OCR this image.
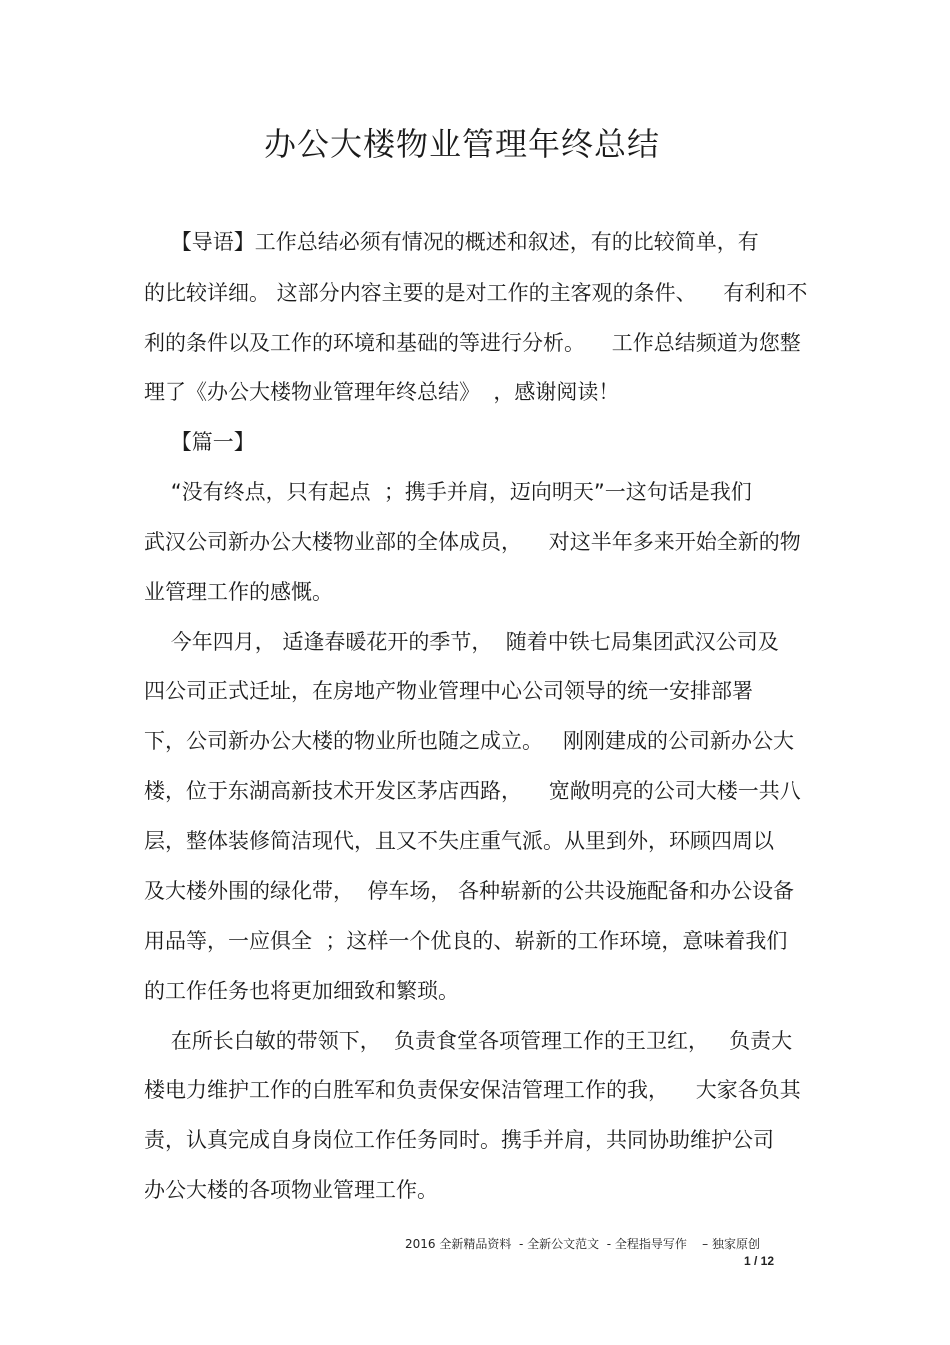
办公大楼物业管理年终总结
【导语】工作总结必须有情况的概述和叙述，有的比较简单，有
的比较详细。 这部分内容主要的是对工作的主客观的条件、    有利和不
利的条件以及工作的环境和基础的等进行分析。    工作总结频道为您整
理了《办公大楼物业管理年终总结》  ，感谢阅读！
【篇一】
“没有终点，只有起点  ；携手并肩，迈向明天”一这句话是我们
武汉公司新办公大楼物业部的全体成员，    对这半年多来开始全新的物
业管理工作的感慨。
今年四月， 适逢春暖花开的季节，  随着中铁七局集团武汉公司及
四公司正式迁址，在房地产物业管理中心公司领导的统一安排部署
下，公司新办公大楼的物业所也随之成立。   刚刚建成的公司新办公大
楼，位于东湖高新技术开发区茅店西路，    宽敞明亮的公司大楼一共八
层，整体装修简洁现代，且又不失庄重气派。从里到外，环顾四周以
及大楼外围的绿化带，  停车场， 各种崭新的公共设施配备和办公设备
用品等，一应俱全  ；这样一个优良的、崭新的工作环境，意味着我们
的工作任务也将更加细致和繁琐。
在所长白敏的带领下，  负责食堂各项管理工作的王卫红，   负责大
楼电力维护工作的白胜军和负责保安保洁管理工作的我，    大家各负其
责，认真完成自身岗位工作任务同时。携手并肩，共同协助维护公司
办公大楼的各项物业管理工作。
2016 全新精品资料  - 全新公文范文  - 全程指导写作    – 独家原创
1 / 12
